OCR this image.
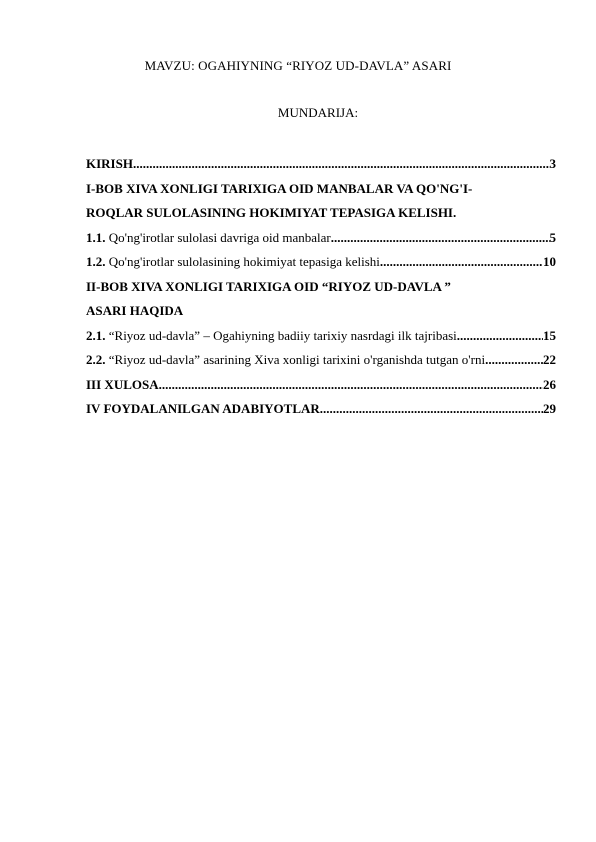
MAVZU: OGAHIYNING “RIYOZ UD-DAVLA” ASARI
MUNDARIJA:
KIRISH .....	3
I-BOB XIVA XONLIGI TARIXIGA OID MANBALAR VA QO'NG'I-
ROQLAR SULOLASINING HOKIMIYAT TEPASIGA KELISHI.
1.1. Qo'ng'irotlar sulolasi davriga oid manbalar .....	5
1.2. Qo'ng'irotlar sulolasining hokimiyat tepasiga kelishi .....	10
II-BOB XIVA XONLIGI TARIXIGA OID “RIYOZ UD-DAVLA ”
ASARI HAQIDA
2.1. “Riyoz ud-davla” – Ogahiyning badiiy tarixiy nasrdagi ilk tajribasi .....	15
2.2. “Riyoz ud-davla” asarining Xiva xonligi tarixini o'rganishda tutgan o'rni .....	22
III XULOSA .....	26
IV FOYDALANILGAN ADABIYOTLAR .....	29
